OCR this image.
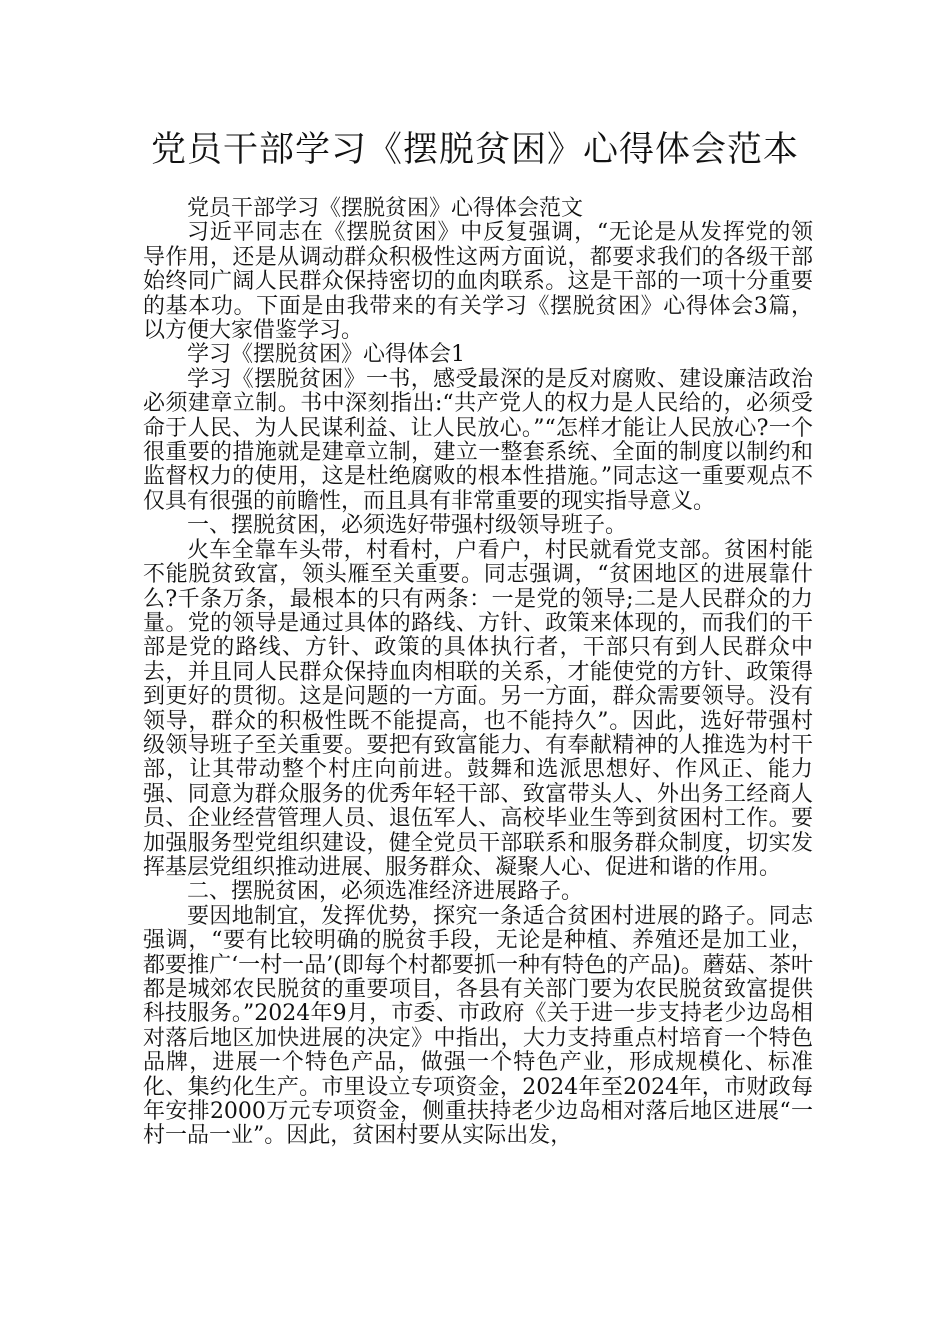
党员干部学习《摆脱贫困》心得体会范本

党员干部学习《摆脱贫困》心得体会范文

习近平同志在《摆脱贫困》中反复强调，“无论是从发挥党的领导作用，还是从调动群众积极性这两方面说，都要求我们的各级干部始终同广阔人民群众保持密切的血肉联系。这是干部的一项十分重要的基本功。下面是由我带来的有关学习《摆脱贫困》心得体会3篇，以方便大家借鉴学习。

学习《摆脱贫困》心得体会1

学习《摆脱贫困》一书，感受最深的是反对腐败、建设廉洁政治必须建章立制。书中深刻指出:“共产党人的权力是人民给的，必须受命于人民、为人民谋利益、让人民放心。”“怎样才能让人民放心?一个很重要的措施就是建章立制，建立一整套系统、全面的制度以制约和监督权力的使用，这是杜绝腐败的根本性措施。”同志这一重要观点不仅具有很强的前瞻性，而且具有非常重要的现实指导意义。

一、摆脱贫困，必须选好带强村级领导班子。

火车全靠车头带，村看村，户看户，村民就看党支部。贫困村能不能脱贫致富，领头雁至关重要。同志强调，“贫困地区的进展靠什么?千条万条，最根本的只有两条：一是党的领导;二是人民群众的力量。党的领导是通过具体的路线、方针、政策来体现的，而我们的干部是党的路线、方针、政策的具体执行者，干部只有到人民群众中去，并且同人民群众保持血肉相联的关系，才能使党的方针、政策得到更好的贯彻。这是问题的一方面。另一方面，群众需要领导。没有领导，群众的积极性既不能提高，也不能持久”。因此，选好带强村级领导班子至关重要。要把有致富能力、有奉献精神的人推选为村干部，让其带动整个村庄向前进。鼓舞和选派思想好、作风正、能力强、同意为群众服务的优秀年轻干部、致富带头人、外出务工经商人员、企业经营管理人员、退伍军人、高校毕业生等到贫困村工作。要加强服务型党组织建设，健全党员干部联系和服务群众制度，切实发挥基层党组织推动进展、服务群众、凝聚人心、促进和谐的作用。

二、摆脱贫困，必须选准经济进展路子。

要因地制宜，发挥优势，探究一条适合贫困村进展的路子。同志强调，“要有比较明确的脱贫手段，无论是种植、养殖还是加工业，都要推广‘一村一品’(即每个村都要抓一种有特色的产品)。蘑菇、茶叶都是城郊农民脱贫的重要项目，各县有关部门要为农民脱贫致富提供科技服务。”2024年9月，市委、市政府《关于进一步支持老少边岛相对落后地区加快进展的决定》中指出，大力支持重点村培育一个特色品牌，进展一个特色产品，做强一个特色产业，形成规模化、标准化、集约化生产。市里设立专项资金，2024年至2024年，市财政每年安排2000万元专项资金，侧重扶持老少边岛相对落后地区进展“一村一品一业”。因此，贫困村要从实际出发，
